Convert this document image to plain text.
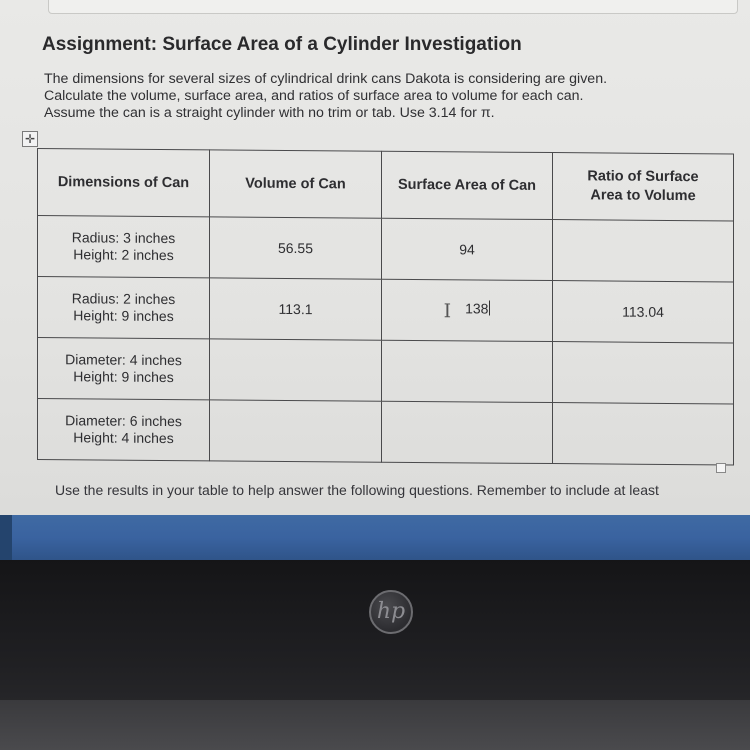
Assignment: Surface Area of a Cylinder Investigation
The dimensions for several sizes of cylindrical drink cans Dakota is considering are given.
Calculate the volume, surface area, and ratios of surface area to volume for each can.
Assume the can is a straight cylinder with no trim or tab. Use 3.14 for π.
✛
Dimensions of Can	Volume of Can	Surface Area of Can	Ratio of Surface
Area to Volume

Radius: 3 inches
Height: 2 inches	56.55	94	

Radius: 2 inches
Height: 9 inches	113.1	I 138	113.04

Diameter: 4 inches
Height: 9 inches			

Diameter: 6 inches
Height: 4 inches			

Use the results in your table to help answer the following questions. Remember to include at least
hp
